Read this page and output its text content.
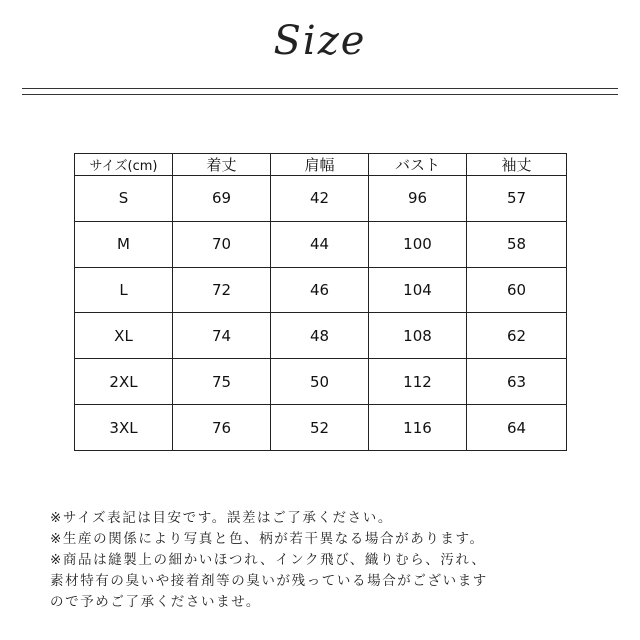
Size
サイズ(cm)	着丈	肩幅	バスト	袖丈
S	69	42	96	57
M	70	44	100	58
L	72	46	104	60
XL	74	48	108	62
2XL	75	50	112	63
3XL	76	52	116	64
※サイズ表記は目安です。誤差はご了承ください。
※生産の関係により写真と色、柄が若干異なる場合があります。
※商品は縫製上の細かいほつれ、インク飛び、織りむら、汚れ、
素材特有の臭いや接着剤等の臭いが残っている場合がございます
ので予めご了承くださいませ。
